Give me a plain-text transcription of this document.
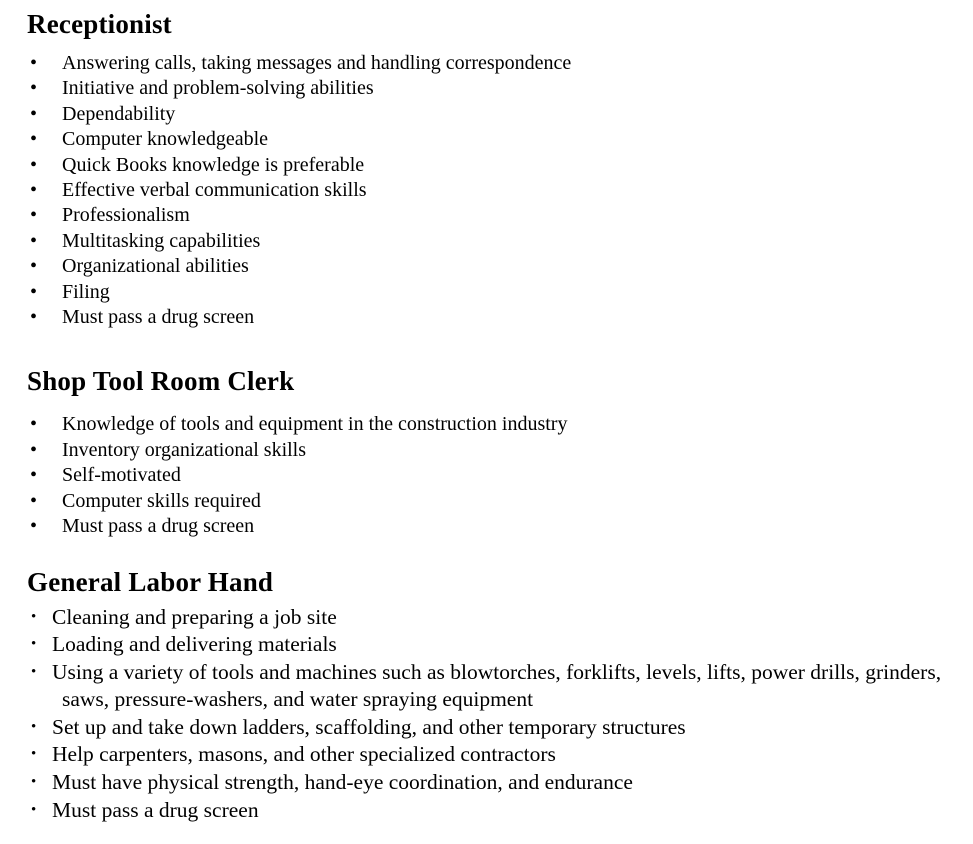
Receptionist
• Answering calls, taking messages and handling correspondence
• Initiative and problem-solving abilities
• Dependability
• Computer knowledgeable
• Quick Books knowledge is preferable
• Effective verbal communication skills
• Professionalism
• Multitasking capabilities
• Organizational abilities
• Filing
• Must pass a drug screen
Shop Tool Room Clerk
• Knowledge of tools and equipment in the construction industry
• Inventory organizational skills
• Self-motivated
• Computer skills required
• Must pass a drug screen
General Labor Hand
• Cleaning and preparing a job site
• Loading and delivering materials
• Using a variety of tools and machines such as blowtorches, forklifts, levels, lifts, power drills, grinders, saws, pressure-washers, and water spraying equipment
• Set up and take down ladders, scaffolding, and other temporary structures
• Help carpenters, masons, and other specialized contractors
• Must have physical strength, hand-eye coordination, and endurance
• Must pass a drug screen
